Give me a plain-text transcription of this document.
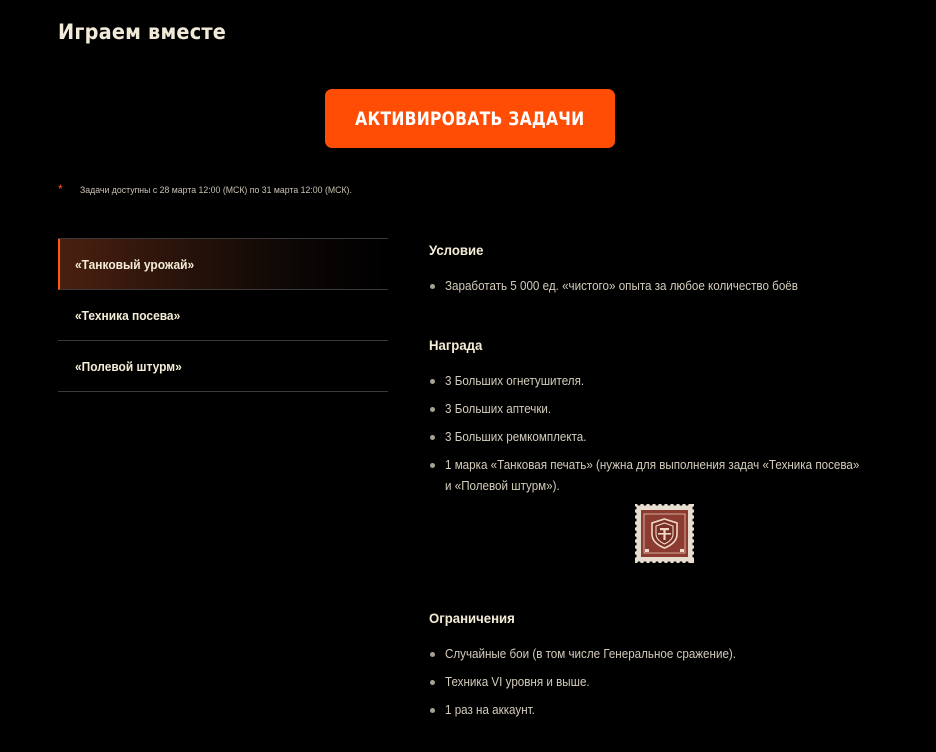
Играем вместе
АКТИВИРОВАТЬ ЗАДАЧИ
*	Задачи доступны с 28 марта 12:00 (МСК) по 31 марта 12:00 (МСК).
«Танковый урожай»
«Техника посева»
«Полевой штурм»
Условие
Заработать 5 000 ед. «чистого» опыта за любое количество боёв
Награда
3 Больших огнетушителя.
3 Больших аптечки.
3 Больших ремкомплекта.
1 марка «Танковая печать» (нужна для выполнения задач «Техника посева» и «Полевой штурм»).
Ограничения
Случайные бои (в том числе Генеральное сражение).
Техника VI уровня и выше.
1 раз на аккаунт.
